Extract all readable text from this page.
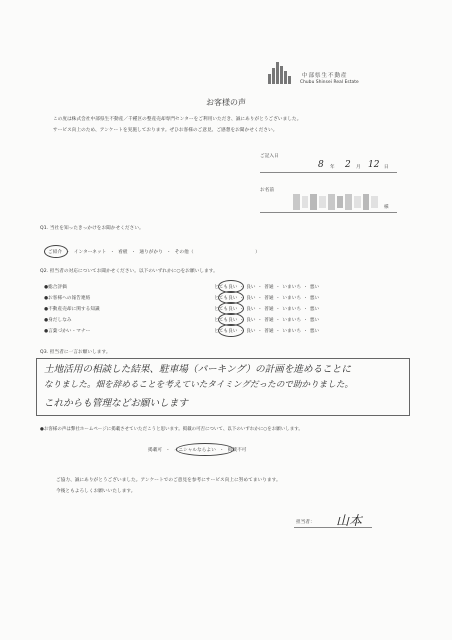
中部県生不動産
Chubu Shinsei Real Estate
お客様の声
この度は株式会社中部県生不動産／千種区の整産売却専門センターをご利用いただき、誠にありがとうございました。
サービス向上のため、アンケートを実施しております。ぜひお客様のご意見、ご感想をお聞かせください。
ご記入日
8 年 2 月 12 日
お名前
様
Q1. 当社を知ったきっかけをお聞かせください。
ご紹介 ・ インターネット ・ 看板 ・ 通りがかり ・ その他（	）
Q2. 担当者の対応についてお聞かせください。以下のいずれかに○をお願いします。
●総合評価	とても良い ・ 良い ・ 普通 ・ いまいち ・ 悪い
●お客様への報告連絡	とても良い ・ 良い ・ 普通 ・ いまいち ・ 悪い
●不動産売却に関する知識	とても良い ・ 良い ・ 普通 ・ いまいち ・ 悪い
●身だしなみ	とても良い ・ 良い ・ 普通 ・ いまいち ・ 悪い
●言葉づかい・マナー	とても良い ・ 良い ・ 普通 ・ いまいち ・ 悪い
Q3. 担当者に一言お願いします。
土地活用の相談した結果、駐車場（パーキング）の計画を進めることに
なりました。畑を辞めることを考えていたタイミングだったので助かりました。
これからも管理などお願いします
●お客様の声は弊社ホームページに掲載させていただこうと思います。掲載の可否について、以下のいずれかに○をお願いします。
掲載可 ・ イニシャルならよい ・ 掲載不可
ご協力、誠にありがとうございました。アンケートでのご意見を参考にサービス向上に努めてまいります。
今後ともよろしくお願いいたします。
担当者： 山本
